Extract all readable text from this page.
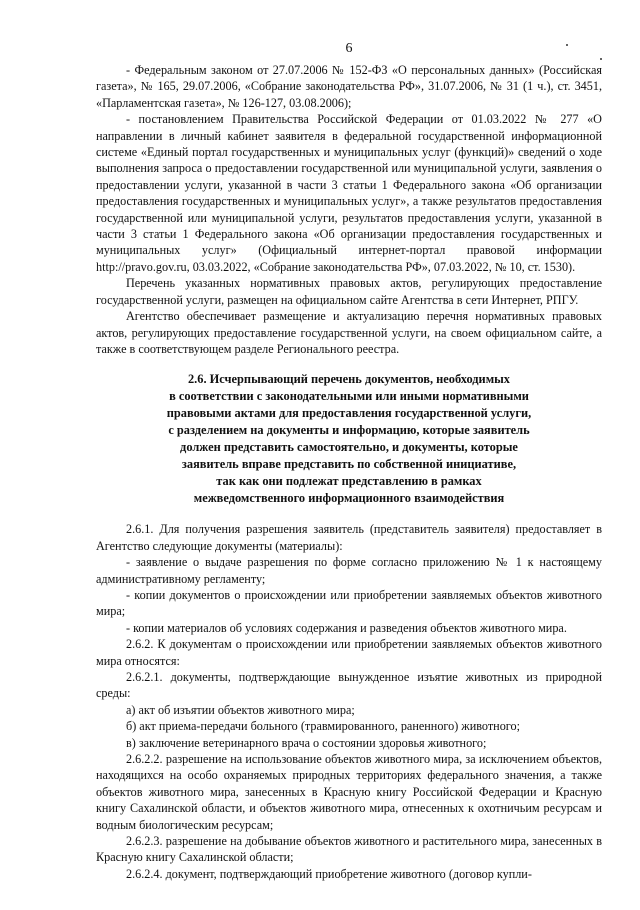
6

- Федеральным законом от 27.07.2006 № 152-ФЗ «О персональных данных» (Российская газета», № 165, 29.07.2006, «Собрание законодательства РФ», 31.07.2006, № 31 (1 ч.), ст. 3451, «Парламентская газета», № 126-127, 03.08.2006);

- постановлением Правительства Российской Федерации от 01.03.2022 № 277 «О направлении в личный кабинет заявителя в федеральной государственной информационной системе «Единый портал государственных и муниципальных услуг (функций)» сведений о ходе выполнения запроса о предоставлении государственной или муниципальной услуги, заявления о предоставлении услуги, указанной в части 3 статьи 1 Федерального закона «Об организации предоставления государственных и муниципальных услуг», а также результатов предоставления государственной или муниципальной услуги, результатов предоставления услуги, указанной в части 3 статьи 1 Федерального закона «Об организации предоставления государственных и муниципальных услуг» (Официальный интернет-портал правовой информации http://pravo.gov.ru, 03.03.2022, «Собрание законодательства РФ», 07.03.2022, № 10, ст. 1530).

Перечень указанных нормативных правовых актов, регулирующих предоставление государственной услуги, размещен на официальном сайте Агентства в сети Интернет, РПГУ.

Агентство обеспечивает размещение и актуализацию перечня нормативных правовых актов, регулирующих предоставление государственной услуги, на своем официальном сайте, а также в соответствующем разделе Регионального реестра.

2.6. Исчерпывающий перечень документов, необходимых
в соответствии с законодательными или иными нормативными
правовыми актами для предоставления государственной услуги,
с разделением на документы и информацию, которые заявитель
должен представить самостоятельно, и документы, которые
заявитель вправе представить по собственной инициативе,
так как они подлежат представлению в рамках
межведомственного информационного взаимодействия

2.6.1. Для получения разрешения заявитель (представитель заявителя) предоставляет в Агентство следующие документы (материалы):

- заявление о выдаче разрешения по форме согласно приложению № 1 к настоящему административному регламенту;

- копии документов о происхождении или приобретении заявляемых объектов животного мира;

- копии материалов об условиях содержания и разведения объектов животного мира.

2.6.2. К документам о происхождении или приобретении заявляемых объектов животного мира относятся:

2.6.2.1. документы, подтверждающие вынужденное изъятие животных из природной среды:

а) акт об изъятии объектов животного мира;

б) акт приема-передачи больного (травмированного, раненного) животного;

в) заключение ветеринарного врача о состоянии здоровья животного;

2.6.2.2. разрешение на использование объектов животного мира, за исключением объектов, находящихся на особо охраняемых природных территориях федерального значения, а также объектов животного мира, занесенных в Красную книгу Российской Федерации и Красную книгу Сахалинской области, и объектов животного мира, отнесенных к охотничьим ресурсам и водным биологическим ресурсам;

2.6.2.3. разрешение на добывание объектов животного и растительного мира, занесенных в Красную книгу Сахалинской области;

2.6.2.4. документ, подтверждающий приобретение животного (договор купли-
